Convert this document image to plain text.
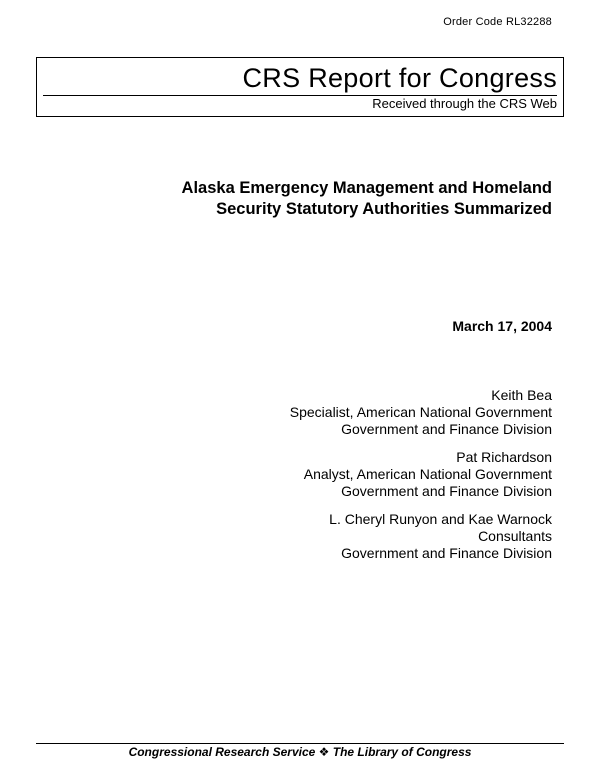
Order Code RL32288
CRS Report for Congress
Received through the CRS Web
Alaska Emergency Management and Homeland
Security Statutory Authorities Summarized
March 17, 2004
Keith Bea
Specialist, American National Government
Government and Finance Division
Pat Richardson
Analyst, American National Government
Government and Finance Division
L. Cheryl Runyon and Kae Warnock
Consultants
Government and Finance Division
Congressional Research Service ❖ The Library of Congress
